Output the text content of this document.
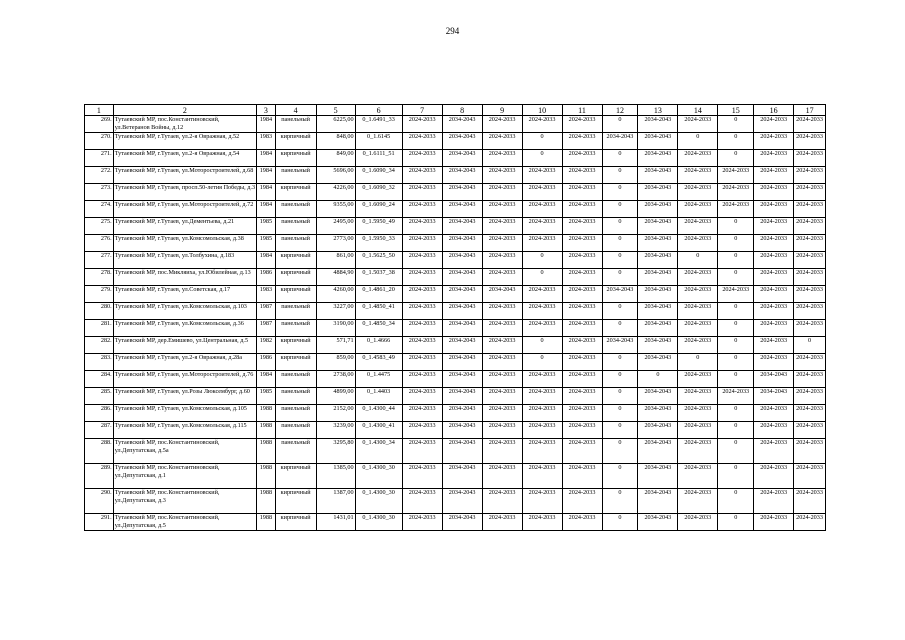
294
1	2	3	4	5	6	7	8	9	10	11	12	13	14	15	16	17
269.	Тутаевский МР, пос.Константиновский, ул.Ветеранов Войны, д.12	1984	панельный	6225,00	0_1.6491_33	2024-2033	2034-2043	2024-2033	2024-2033	2024-2033	0	2034-2043	2024-2033	0	2024-2033	2024-2033
270.	Тутаевский МР, г.Тутаев, ул.2-я Овражная, д.52	1983	кирпичный	848,00	0_1.6145	2024-2033	2034-2043	2024-2033	0	2024-2033	2034-2043	2034-2043	0	0	2024-2033	2024-2033
271.	Тутаевский МР, г.Тутаев, ул.2-я Овражная, д.54	1984	кирпичный	849,00	0_1.6111_51	2024-2033	2034-2043	2024-2033	0	2024-2033	0	2034-2043	2024-2033	0	2024-2033	2024-2033
272.	Тутаевский МР, г.Тутаев, ул.Моторостроителей, д.68	1984	панельный	5696,00	0_1.6090_34	2024-2033	2034-2043	2024-2033	2024-2033	2024-2033	0	2034-2043	2024-2033	2024-2033	2024-2033	2024-2033
273.	Тутаевский МР, г.Тутаев, просп.50-летия Победы, д.3	1984	кирпичный	4226,00	0_1.6090_32	2024-2033	2034-2043	2024-2033	2024-2033	2024-2033	0	2034-2043	2024-2033	2024-2033	2024-2033	2024-2033
274.	Тутаевский МР, г.Тутаев, ул.Моторостроителей, д.72	1984	панельный	9355,00	0_1.6090_24	2024-2033	2034-2043	2024-2033	2024-2033	2024-2033	0	2034-2043	2024-2033	2024-2033	2024-2033	2024-2033
275.	Тутаевский МР, г.Тутаев, ул.Дементьева, д.21	1985	панельный	2495,00	0_1.5950_49	2024-2033	2034-2043	2024-2033	2024-2033	2024-2033	0	2034-2043	2024-2033	0	2024-2033	2024-2033
276.	Тутаевский МР, г.Тутаев, ул.Комсомольская, д.38	1985	панельный	2773,00	0_1.5950_33	2024-2033	2034-2043	2024-2033	2024-2033	2024-2033	0	2034-2043	2024-2033	0	2024-2033	2024-2033
277.	Тутаевский МР, г.Тутаев, ул.Толбухина, д.183	1984	кирпичный	861,00	0_1.5625_50	2024-2033	2034-2043	2024-2033	0	2024-2033	0	2034-2043	0	0	2024-2033	2024-2033
278.	Тутаевский МР, пос.Микляиха, ул.Юбилейная, д.13	1986	кирпичный	4884,90	0_1.5037_38	2024-2033	2034-2043	2024-2033	0	2024-2033	0	2034-2043	2024-2033	0	2024-2033	2024-2033
279.	Тутаевский МР, г.Тутаев, ул.Советская, д.17	1983	кирпичный	4260,00	0_1.4861_20	2024-2033	2034-2043	2034-2043	2024-2033	2024-2033	2034-2043	2034-2043	2024-2033	2024-2033	2024-2033	2024-2033
280.	Тутаевский МР, г.Тутаев, ул.Комсомольская, д.103	1987	панельный	3227,00	0_1.4850_41	2024-2033	2034-2043	2024-2033	2024-2033	2024-2033	0	2034-2043	2024-2033	0	2024-2033	2024-2033
281.	Тутаевский МР, г.Тутаев, ул.Комсомольская, д.36	1987	панельный	3190,00	0_1.4850_34	2024-2033	2034-2043	2024-2033	2024-2033	2024-2033	0	2034-2043	2024-2033	0	2024-2033	2024-2033
282.	Тутаевский МР, дер.Емишево, ул.Центральная, д.5	1982	кирпичный	571,71	0_1.4666	2024-2033	2034-2043	2024-2033	0	2024-2033	2034-2043	2034-2043	2024-2033	0	2024-2033	0
283.	Тутаевский МР, г.Тутаев, ул.2-я Овражная, д.28а	1986	кирпичный	859,00	0_1.4583_49	2024-2033	2034-2043	2024-2033	0	2024-2033	0	2034-2043	0	0	2024-2033	2024-2033
284.	Тутаевский МР, г.Тутаев, ул.Моторостроителей, д.76	1984	панельный	2738,00	0_1.4475	2024-2033	2034-2043	2024-2033	2024-2033	2024-2033	0	0	2024-2033	0	2034-2043	2024-2033
285.	Тутаевский МР, г.Тутаев, ул.Розы Люксембург, д.60	1985	панельный	4899,00	0_1.4403	2024-2033	2034-2043	2024-2033	2024-2033	2024-2033	0	2034-2043	2024-2033	2024-2033	2034-2043	2024-2033
286.	Тутаевский МР, г.Тутаев, ул.Комсомольская, д.105	1988	панельный	2152,00	0_1.4300_44	2024-2033	2034-2043	2024-2033	2024-2033	2024-2033	0	2034-2043	2024-2033	0	2024-2033	2024-2033
287.	Тутаевский МР, г.Тутаев, ул.Комсомольская, д.115	1988	панельный	3239,00	0_1.4300_41	2024-2033	2034-2043	2024-2033	2024-2033	2024-2033	0	2034-2043	2024-2033	0	2024-2033	2024-2033
288.	Тутаевский МР, пос.Константиновский, ул.Депутатская, д.5а	1988	панельный	3295,80	0_1.4300_34	2024-2033	2034-2043	2024-2033	2024-2033	2024-2033	0	2034-2043	2024-2033	0	2024-2033	2024-2033
289.	Тутаевский МР, пос.Константиновский, ул.Депутатская, д.1	1988	кирпичный	1385,00	0_1.4300_30	2024-2033	2034-2043	2024-2033	2024-2033	2024-2033	0	2034-2043	2024-2033	0	2024-2033	2024-2033
290.	Тутаевский МР, пос.Константиновский, ул.Депутатская, д.3	1988	кирпичный	1387,00	0_1.4300_30	2024-2033	2034-2043	2024-2033	2024-2033	2024-2033	0	2034-2043	2024-2033	0	2024-2033	2024-2033
291.	Тутаевский МР, пос.Константиновский, ул.Депутатская, д.5	1988	кирпичный	1431,01	0_1.4300_30	2024-2033	2034-2043	2024-2033	2024-2033	2024-2033	0	2034-2043	2024-2033	0	2024-2033	2024-2033
